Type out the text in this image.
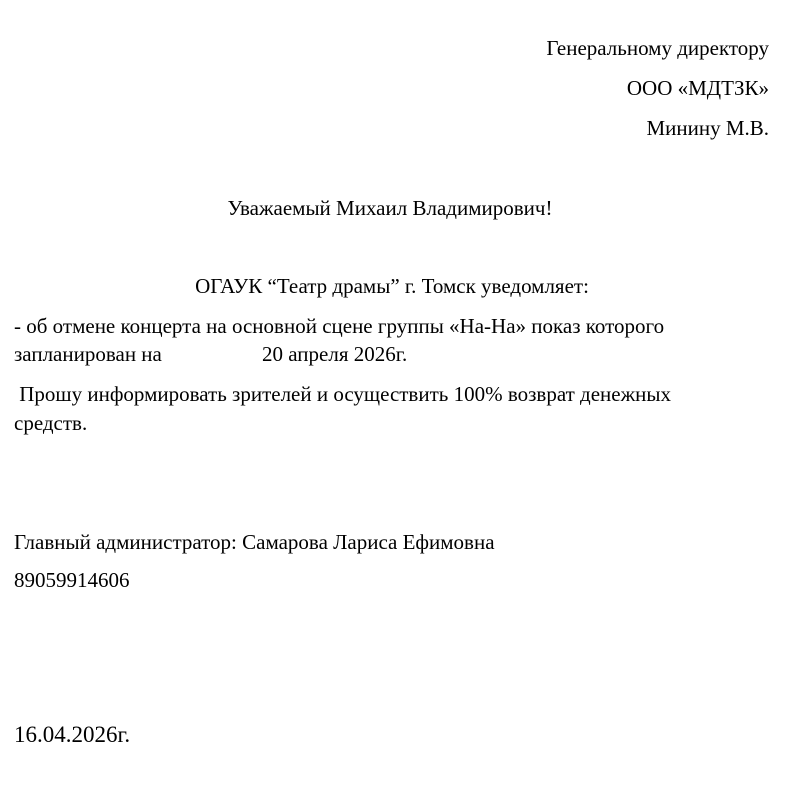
Генеральному директору
ООО «МДТЗК»
Минину М.В.
Уважаемый Михаил Владимирович!
ОГАУК “Театр драмы” г. Томск уведомляет:
- об отмене концерта на основной сцене группы «На-На» показ которого
запланирован на	20 апреля 2026г.
Прошу информировать зрителей и осуществить 100% возврат денежных
средств.
Главный администратор: Самарова Лариса Ефимовна
89059914606
16.04.2026г.
